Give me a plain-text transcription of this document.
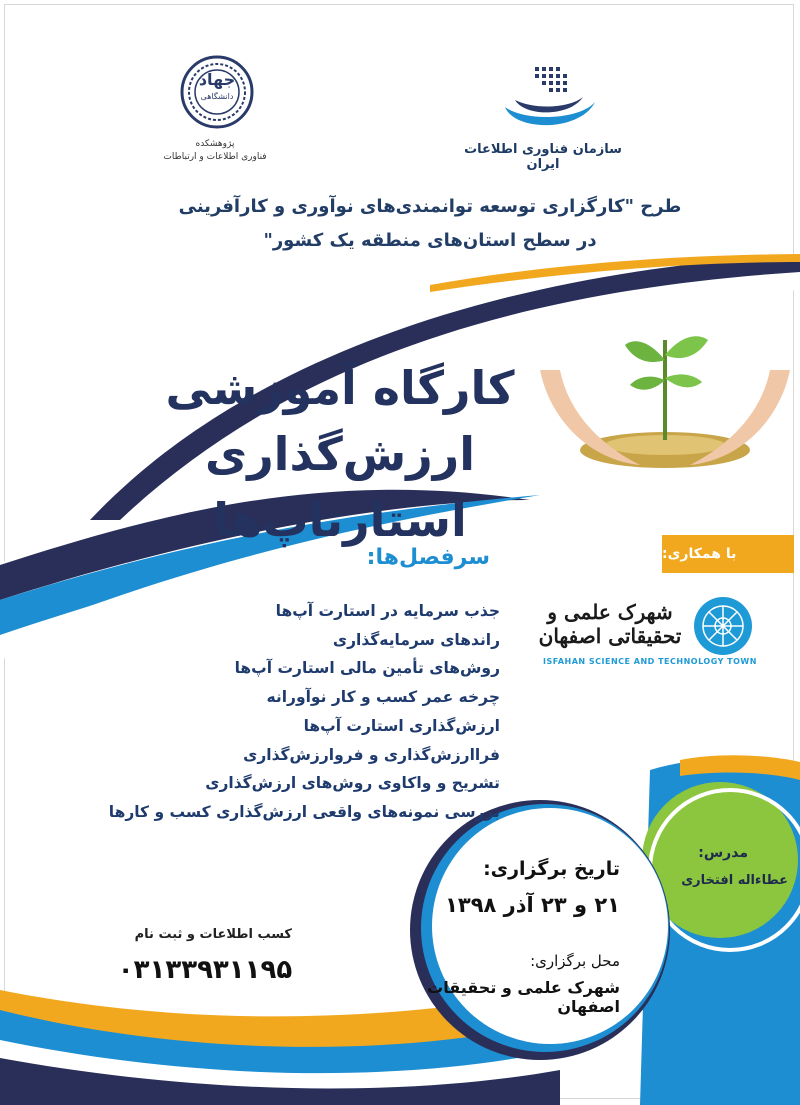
جهاد
دانشگاهی
پژوهشکده
فناوری اطلاعات و ارتباطات	سازمان فناوری اطلاعات ایران
طرح "کارگزاری توسعه توانمندی‌های نوآوری و کارآفرینی
در سطح استان‌های منطقه یک کشور"
کارگاه آموزشی
ارزش‌گذاری استارتاپ‌ها
با همکاری:
شهرک علمی و تحقیقاتی اصفهان
ISFAHAN SCIENCE AND TECHNOLOGY TOWN
سرفصل‌ها:
جذب سرمایه در استارت آپ‌ها
راندهای سرمایه‌گذاری
روش‌های تأمین مالی استارت آپ‌ها
چرخه عمر کسب و کار نوآورانه
ارزش‌گذاری استارت آپ‌ها
فراارزش‌گذاری و فروارزش‌گذاری
تشریح و واکاوی روش‌های ارزش‌گذاری
بررسی نمونه‌های واقعی ارزش‌گذاری کسب و کارها
مدرس:
عطاءاله افتخاری
تاریخ برگزاری:
۲۱ و ۲۳ آذر ۱۳۹۸
محل برگزاری:
شهرک علمی و تحقیقات اصفهان
کسب اطلاعات و ثبت نام
۰۳۱۳۳۹۳۱۱۹۵
